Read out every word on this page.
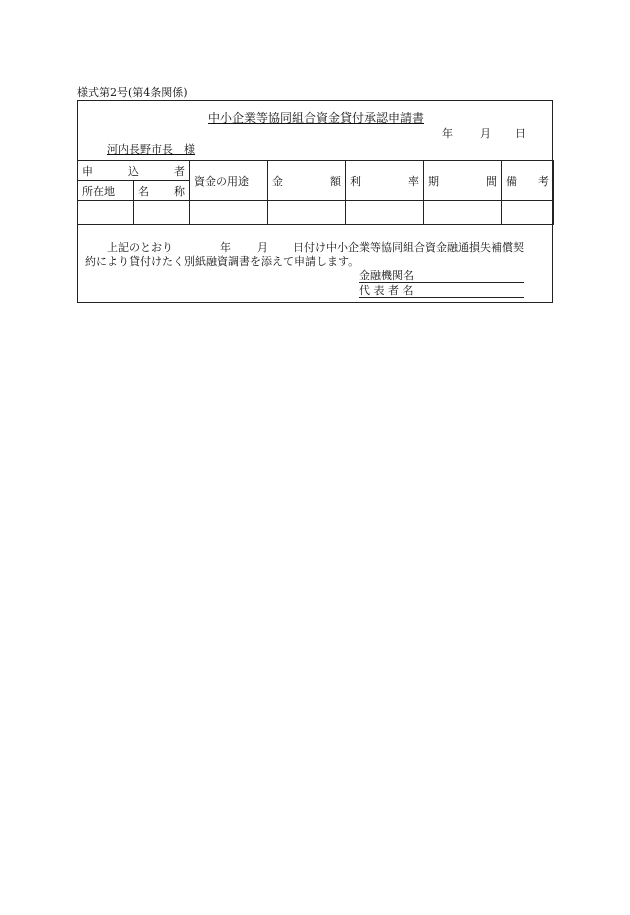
様式第2号(第4条関係)
中小企業等協同組合資金貸付承認申請書
年 月 日
河内長野市長　様
申込者		資金の用途	金額	利率	期間	備考
所在地	名　称					

上記のとおり	年 月 日付け中小企業等協同組合資金融通損失補償契
約により貸付けたく別紙融資調書を添えて申請します。
金融機関名
代 表 者 名
